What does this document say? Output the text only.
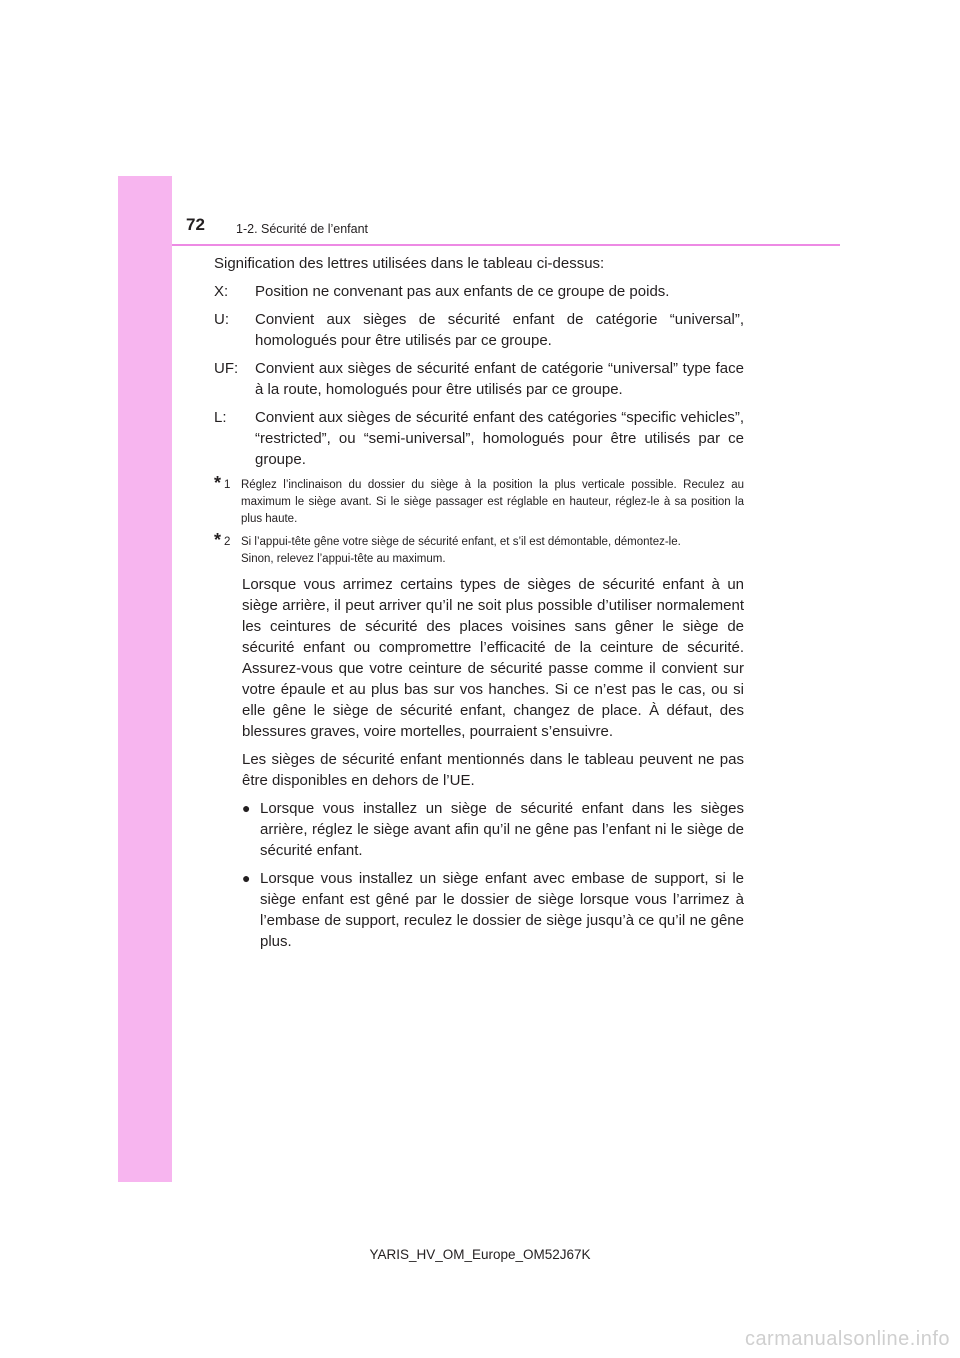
72 1-2. Sécurité de l’enfant

Signification des lettres utilisées dans le tableau ci-dessus:

X:	Position ne convenant pas aux enfants de ce groupe de poids.
U:	Convient aux sièges de sécurité enfant de catégorie “universal”, homologués pour être utilisés par ce groupe.
UF:	Convient aux sièges de sécurité enfant de catégorie “universal” type face à la route, homologués pour être utilisés par ce groupe.
L:	Convient aux sièges de sécurité enfant des catégories “specific vehicles”, “restricted”, ou “semi-universal”, homologués pour être utilisés par ce groupe.
* 1 Réglez l’inclinaison du dossier du siège à la position la plus verticale possible. Reculez au maximum le siège avant. Si le siège passager est réglable en hauteur, réglez-le à sa position la plus haute.

* 2 Si l’appui-tête gêne votre siège de sécurité enfant, et s’il est démontable, démontez-le.

Sinon, relevez l’appui-tête au maximum.

Lorsque vous arrimez certains types de sièges de sécurité enfant à un siège arrière, il peut arriver qu’il ne soit plus possible d’utiliser normalement les ceintures de sécurité des places voisines sans gêner le siège de sécurité enfant ou compromettre l’efficacité de la ceinture de sécurité. Assurez-vous que votre ceinture de sécurité passe comme il convient sur votre épaule et au plus bas sur vos hanches. Si ce n’est pas le cas, ou si elle gêne le siège de sécurité enfant, changez de place. À défaut, des blessures graves, voire mortelles, pourraient s’ensuivre.

Les sièges de sécurité enfant mentionnés dans le tableau peuvent ne pas être disponibles en dehors de l’UE.

● Lorsque vous installez un siège de sécurité enfant dans les sièges arrière, réglez le siège avant afin qu’il ne gêne pas l’enfant ni le siège de sécurité enfant.
● Lorsque vous installez un siège enfant avec embase de support, si le siège enfant est gêné par le dossier de siège lorsque vous l’arrimez à l’embase de support, reculez le dossier de siège jusqu’à ce qu’il ne gêne plus.
YARIS_HV_OM_Europe_OM52J67K
carmanualsonline.info
